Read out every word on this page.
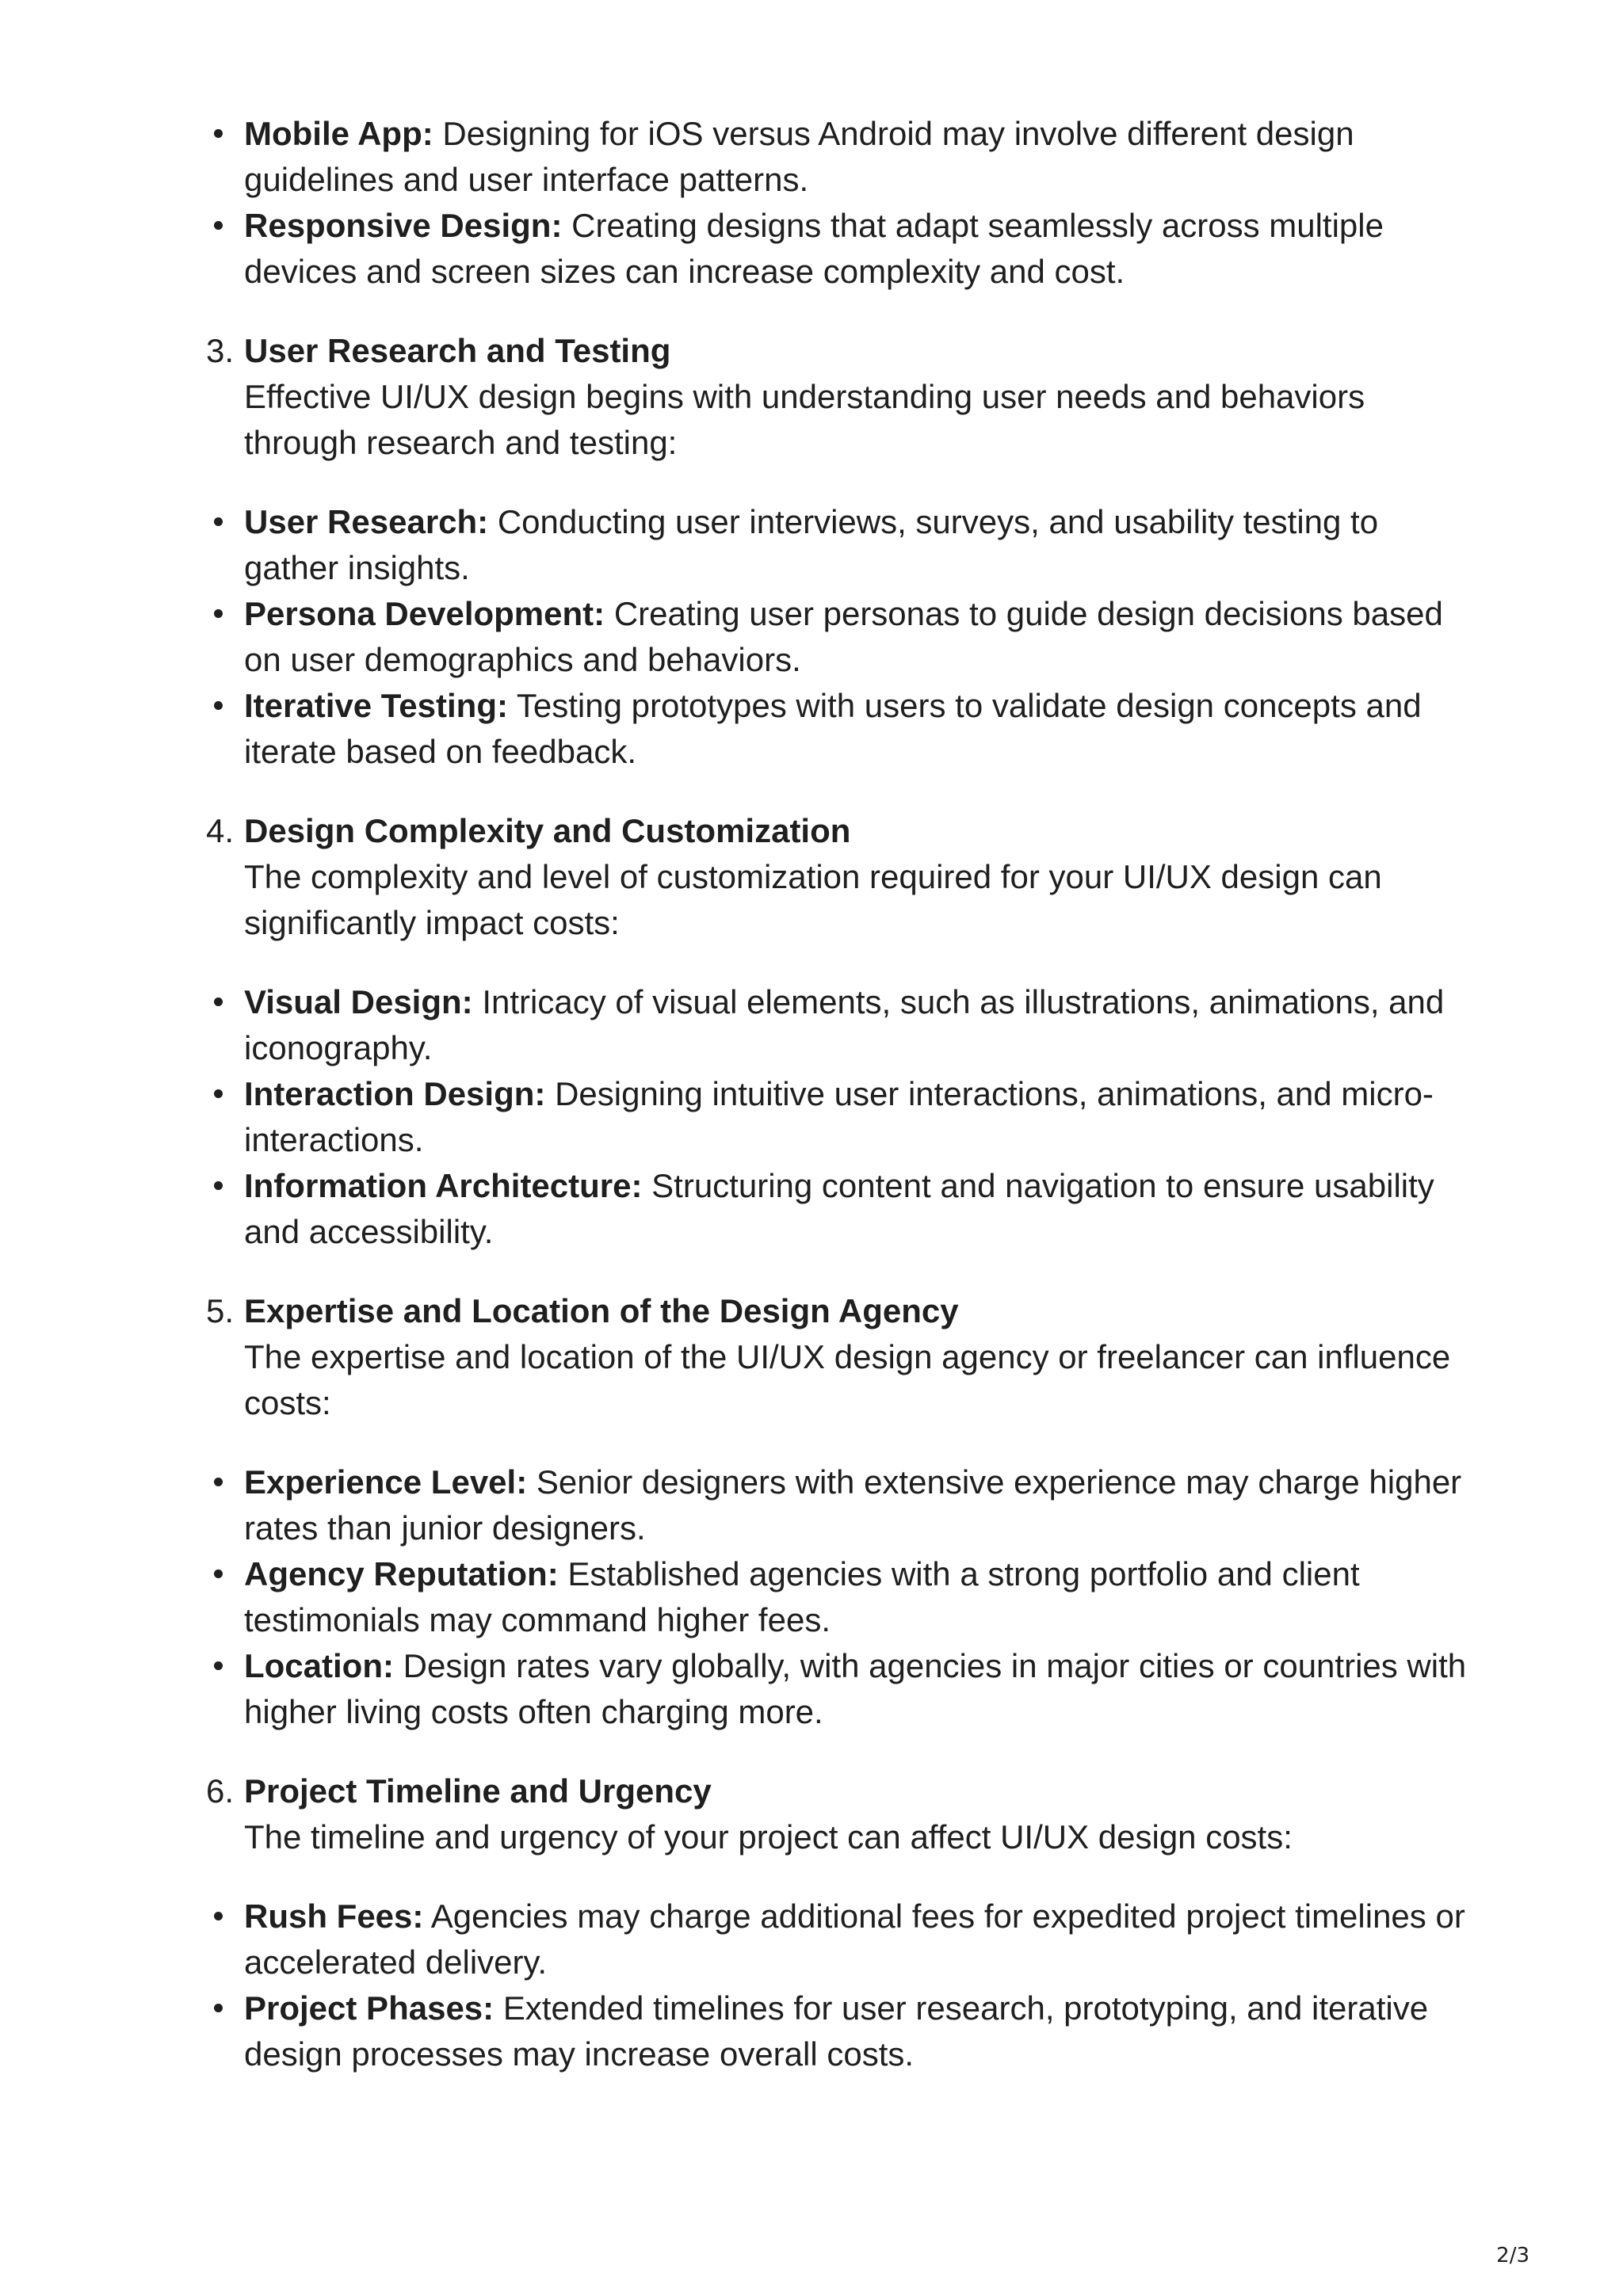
Mobile App: Designing for iOS versus Android may involve different design guidelines and user interface patterns.
Responsive Design: Creating designs that adapt seamlessly across multiple devices and screen sizes can increase complexity and cost.
3. User Research and Testing
Effective UI/UX design begins with understanding user needs and behaviors through research and testing:
User Research: Conducting user interviews, surveys, and usability testing to gather insights.
Persona Development: Creating user personas to guide design decisions based on user demographics and behaviors.
Iterative Testing: Testing prototypes with users to validate design concepts and iterate based on feedback.
4. Design Complexity and Customization
The complexity and level of customization required for your UI/UX design can significantly impact costs:
Visual Design: Intricacy of visual elements, such as illustrations, animations, and iconography.
Interaction Design: Designing intuitive user interactions, animations, and micro-interactions.
Information Architecture: Structuring content and navigation to ensure usability and accessibility.
5. Expertise and Location of the Design Agency
The expertise and location of the UI/UX design agency or freelancer can influence costs:
Experience Level: Senior designers with extensive experience may charge higher rates than junior designers.
Agency Reputation: Established agencies with a strong portfolio and client testimonials may command higher fees.
Location: Design rates vary globally, with agencies in major cities or countries with higher living costs often charging more.
6. Project Timeline and Urgency
The timeline and urgency of your project can affect UI/UX design costs:
Rush Fees: Agencies may charge additional fees for expedited project timelines or accelerated delivery.
Project Phases: Extended timelines for user research, prototyping, and iterative design processes may increase overall costs.
2/3
